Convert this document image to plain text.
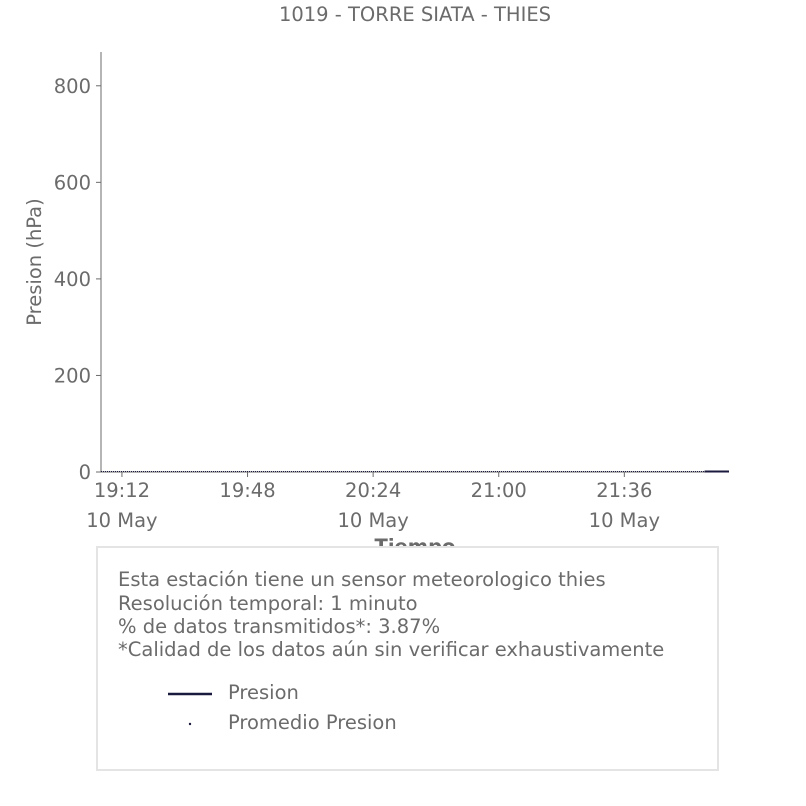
1019 - TORRE SIATA - THIES
Presion (hPa)
0
200
400
600
800
19:12
10 May
19:48	20:24
10 May
21:00	21:36
10 May
Esta estación tiene un sensor meteorologico thies
Resolución temporal: 1 minuto
% de datos transmitidos*: 3.87%
*Calidad de los datos aún sin verificar exhaustivamente
Presion
Promedio Presion
